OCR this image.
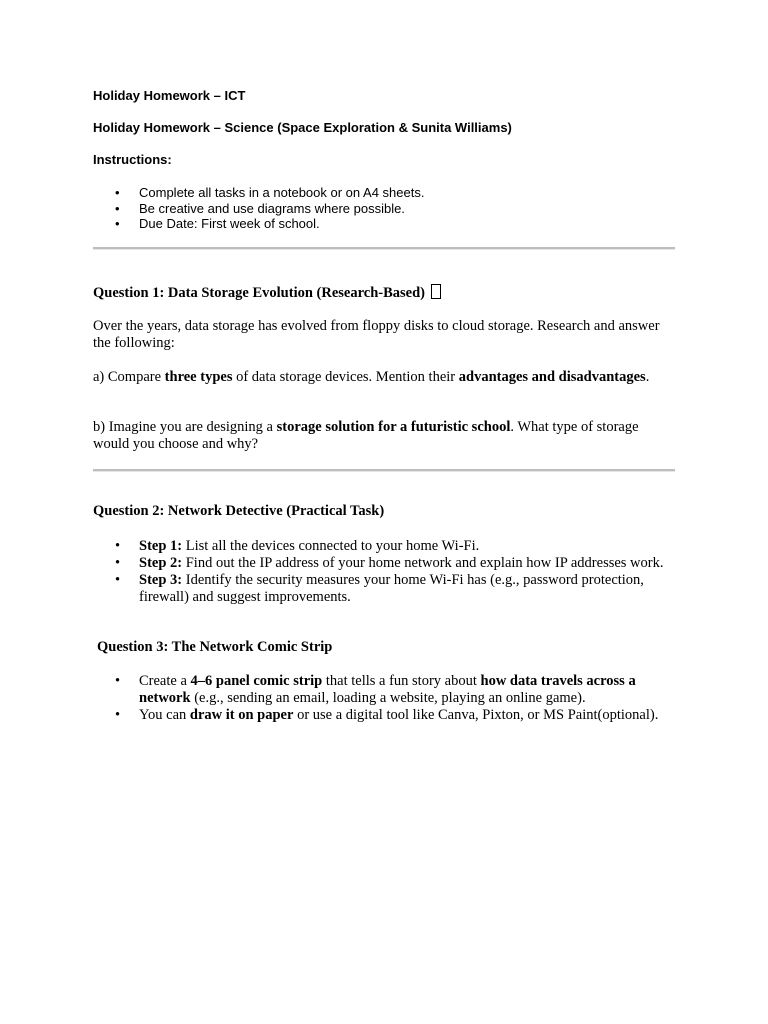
Holiday Homework – ICT

Holiday Homework – Science (Space Exploration & Sunita Williams)

Instructions:

• Complete all tasks in a notebook or on A4 sheets.
• Be creative and use diagrams where possible.
• Due Date: First week of school.

Question 1: Data Storage Evolution (Research-Based)

Over the years, data storage has evolved from floppy disks to cloud storage. Research and answer the following:

a) Compare three types of data storage devices. Mention their advantages and disadvantages.

b) Imagine you are designing a storage solution for a futuristic school. What type of storage would you choose and why?

Question 2: Network Detective (Practical Task)

• Step 1: List all the devices connected to your home Wi-Fi.
• Step 2: Find out the IP address of your home network and explain how IP addresses work.
• Step 3: Identify the security measures your home Wi-Fi has (e.g., password protection, firewall) and suggest improvements.

Question 3: The Network Comic Strip

• Create a 4–6 panel comic strip that tells a fun story about how data travels across a network (e.g., sending an email, loading a website, playing an online game).
• You can draw it on paper or use a digital tool like Canva, Pixton, or MS Paint(optional).
